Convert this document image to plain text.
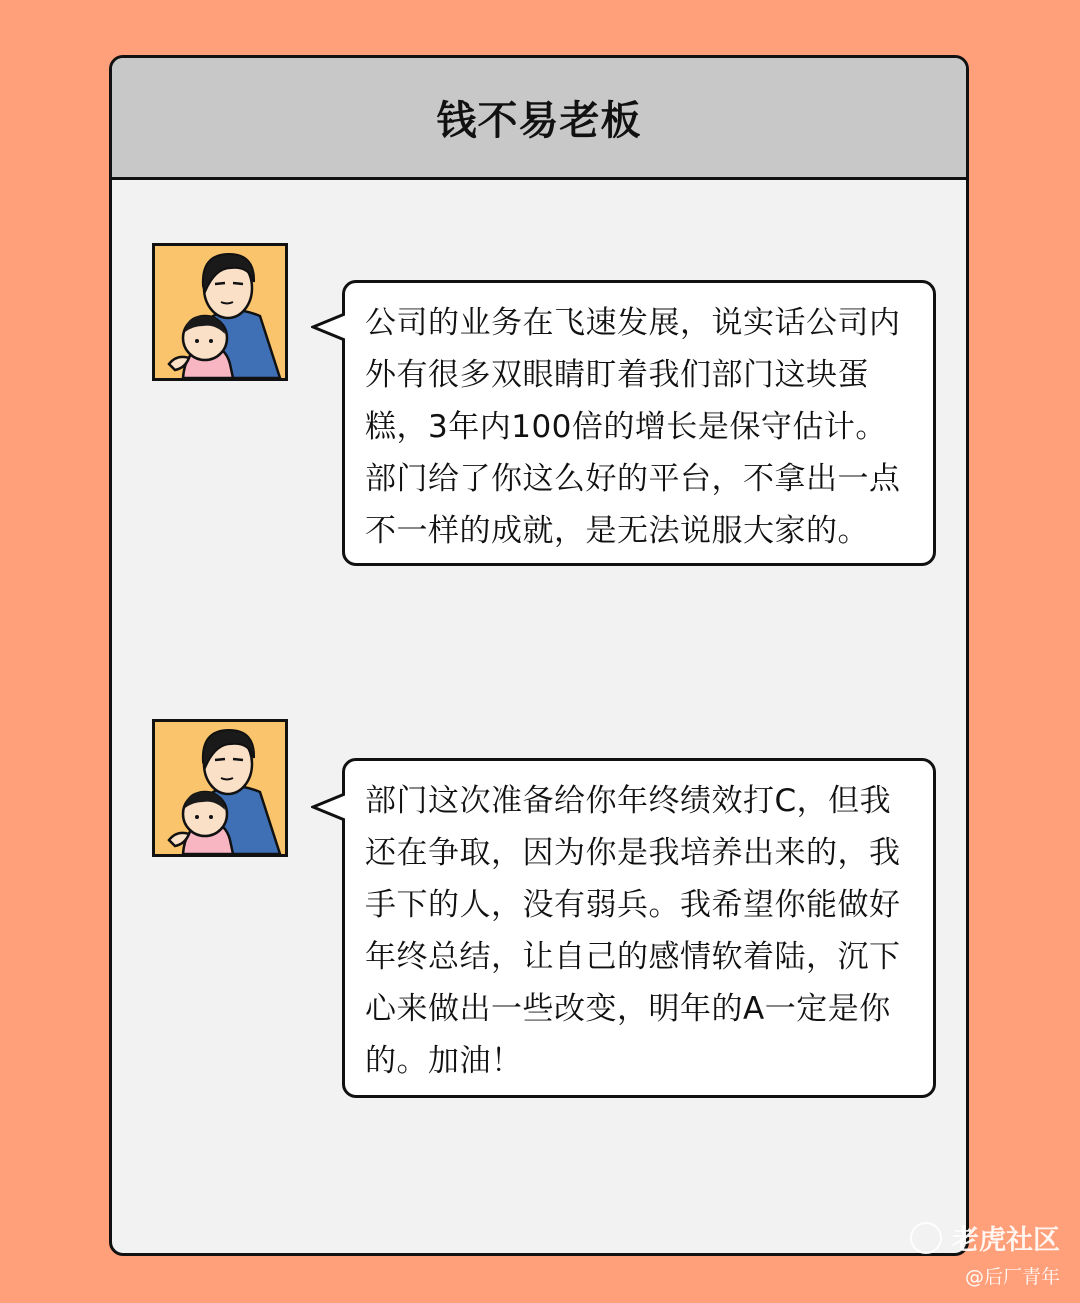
钱不易老板

公司的业务在飞速发展，说实话公司内外有很多双眼睛盯着我们部门这块蛋糕，3年内100倍的增长是保守估计。部门给了你这么好的平台，不拿出一点不一样的成就，是无法说服大家的。

部门这次准备给你年终绩效打C，但我还在争取，因为你是我培养出来的，我手下的人，没有弱兵。我希望你能做好年终总结，让自己的感情软着陆，沉下心来做出一些改变，明年的A一定是你的。加油！

老虎社区
@后厂青年
